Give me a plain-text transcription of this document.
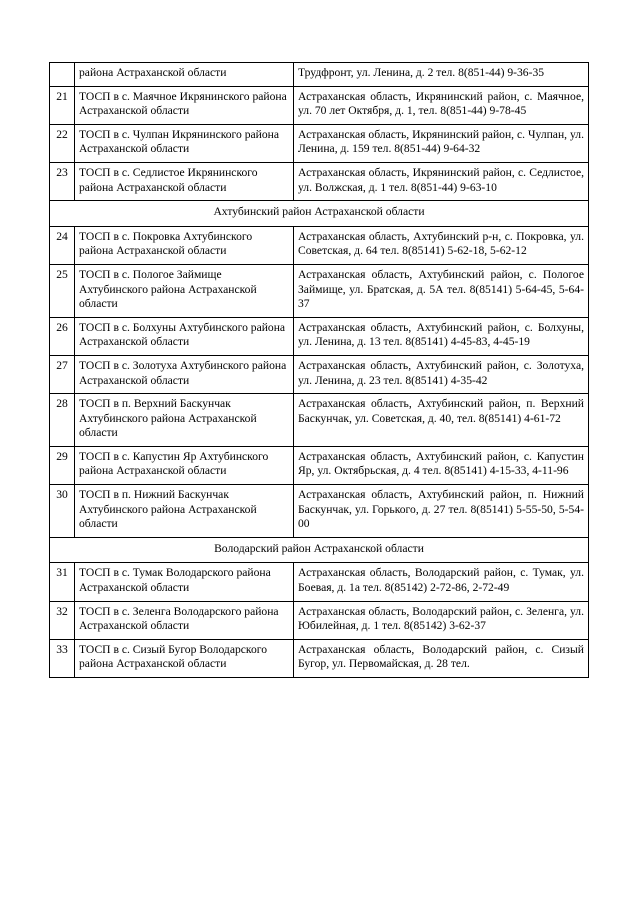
	района Астраханской области	Трудфронт, ул. Ленина, д. 2 тел. 8(851-44) 9-36-35
21	ТОСП в с. Маячное Икрянинского района Астраханской области	Астраханская область, Икрянинский район, с. Маячное, ул. 70 лет Октября, д. 1, тел. 8(851-44) 9-78-45
22	ТОСП в с. Чулпан Икрянинского района Астраханской области	Астраханская область, Икрянинский район, с. Чулпан, ул. Ленина, д. 159 тел. 8(851-44) 9-64-32
23	ТОСП в с. Седлистое Икрянинского района Астраханской области	Астраханская область, Икрянинский район, с. Седлистое, ул. Волжская, д. 1 тел. 8(851-44) 9-63-10
Ахтубинский район Астраханской области		
24	ТОСП в с. Покровка Ахтубинского района Астраханской области	Астраханская область, Ахтубинский р-н, с. Покровка, ул. Советская, д. 64 тел. 8(85141) 5-62-18, 5-62-12
25	ТОСП в с. Пологое Займище Ахтубинского района Астраханской области	Астраханская область, Ахтубинский район, с. Пологое Займище, ул. Братская, д. 5А тел. 8(85141) 5-64-45, 5-64-37
26	ТОСП в с. Болхуны Ахтубинского района Астраханской области	Астраханская область, Ахтубинский район, с. Болхуны, ул. Ленина, д. 13 тел. 8(85141) 4-45-83, 4-45-19
27	ТОСП в с. Золотуха Ахтубинского района Астраханской области	Астраханская область, Ахтубинский район, с. Золотуха, ул. Ленина, д. 23 тел. 8(85141) 4-35-42
28	ТОСП в п. Верхний Баскунчак Ахтубинского района Астраханской области	Астраханская область, Ахтубинский район, п. Верхний Баскунчак, ул. Советская, д. 40, тел. 8(85141) 4-61-72
29	ТОСП в с. Капустин Яр Ахтубинского района Астраханской области	Астраханская область, Ахтубинский район, с. Капустин Яр, ул. Октябрьская, д. 4 тел. 8(85141) 4-15-33, 4-11-96
30	ТОСП в п. Нижний Баскунчак Ахтубинского района Астраханской области	Астраханская область, Ахтубинский район, п. Нижний Баскунчак, ул. Горького, д. 27 тел. 8(85141) 5-55-50, 5-54-00
Володарский район Астраханской области		
31	ТОСП в с. Тумак Володарского района Астраханской области	Астраханская область, Володарский район, с. Тумак, ул. Боевая, д. 1а тел. 8(85142) 2-72-86, 2-72-49
32	ТОСП в с. Зеленга Володарского района Астраханской области	Астраханская область, Володарский район, с. Зеленга, ул. Юбилейная, д. 1 тел. 8(85142) 3-62-37
33	ТОСП в с. Сизый Бугор Володарского района Астраханской области	Астраханская область, Володарский район, с. Сизый Бугор, ул. Первомайская, д. 28 тел.
